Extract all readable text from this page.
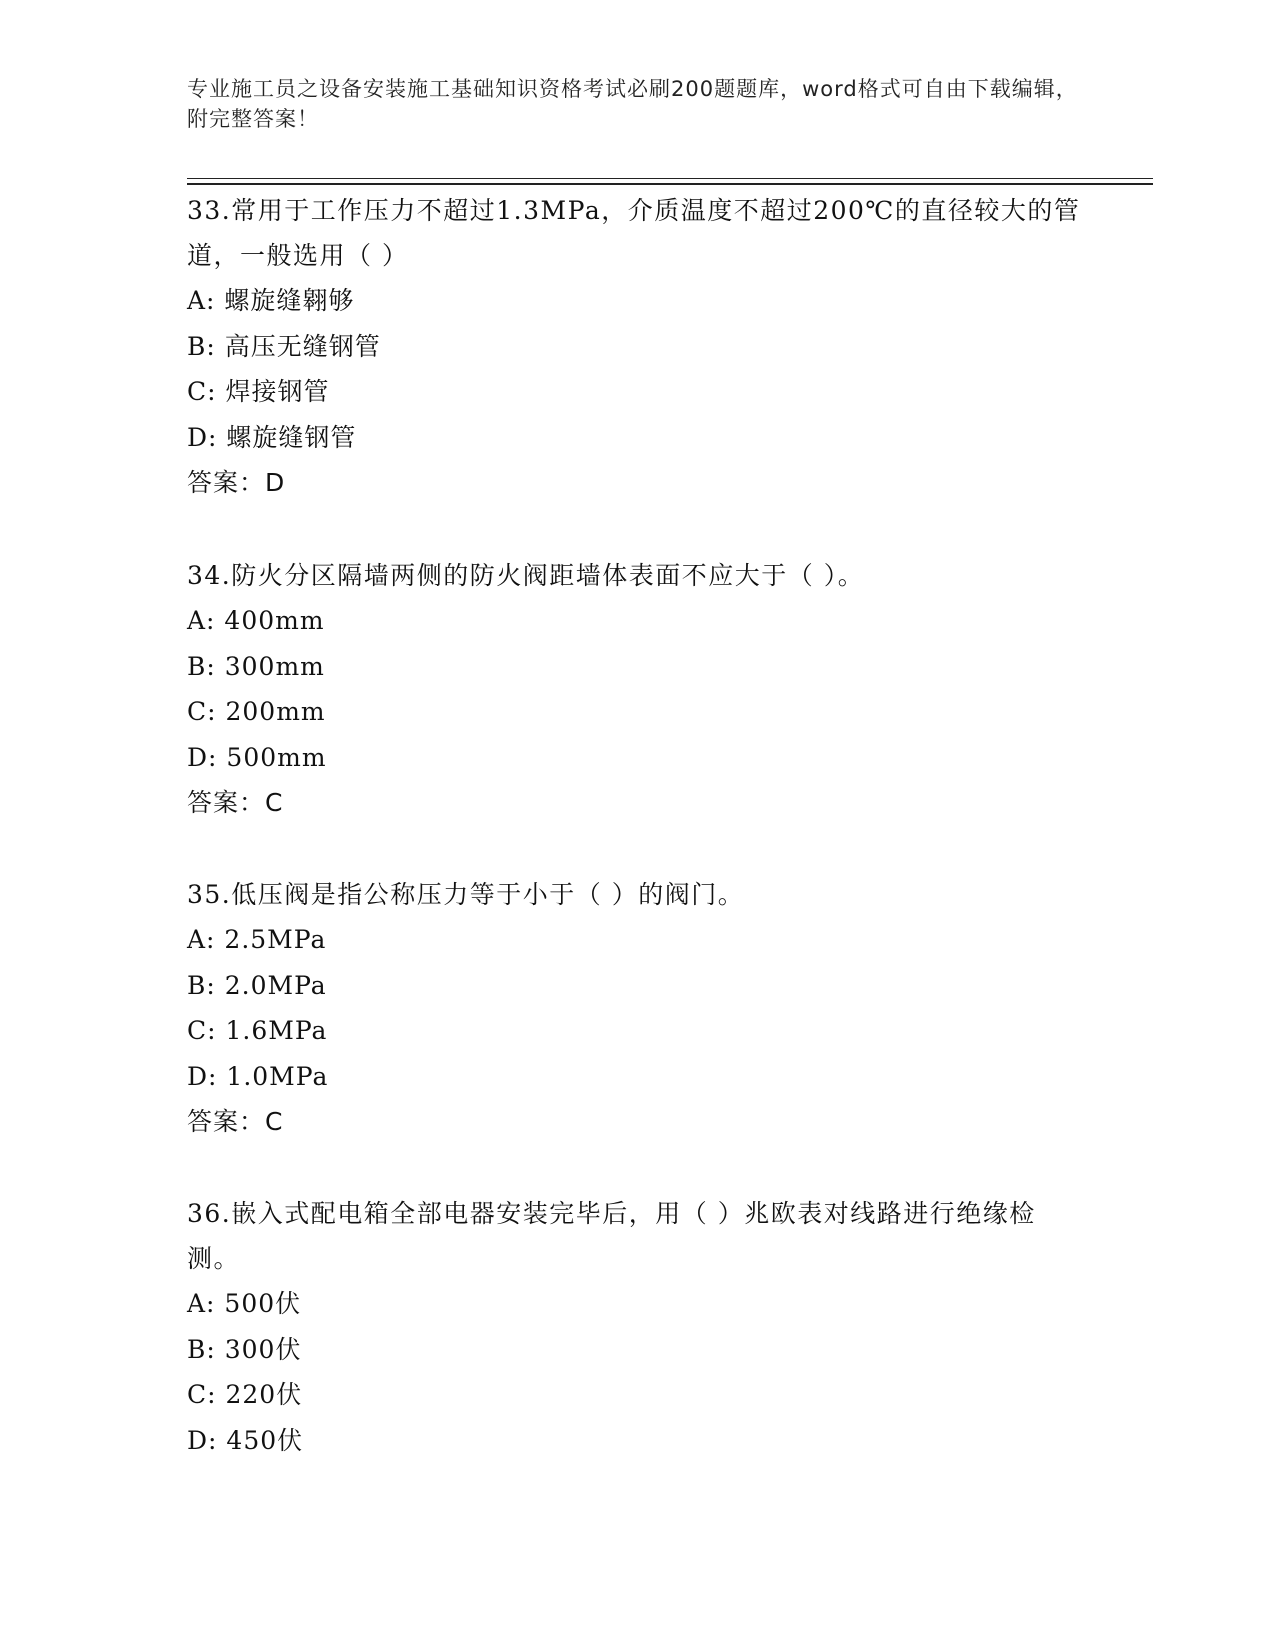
专业施工员之设备安装施工基础知识资格考试必刷200题题库，word格式可自由下载编辑，附完整答案！
33.常用于工作压力不超过1.3MPa，介质温度不超过200℃的直径较大的管道，一般选用（ ）
A: 螺旋缝翱够
B: 高压无缝钢管
C: 焊接钢管
D: 螺旋缝钢管
答案：D
34.防火分区隔墙两侧的防火阀距墙体表面不应大于（ ）。
A: 400mm
B: 300mm
C: 200mm
D: 500mm
答案：C
35.低压阀是指公称压力等于小于（ ）的阀门。
A: 2.5MPa
B: 2.0MPa
C: 1.6MPa
D: 1.0MPa
答案：C
36.嵌入式配电箱全部电器安装完毕后，用（ ）兆欧表对线路进行绝缘检测。
A: 500伏
B: 300伏
C: 220伏
D: 450伏
